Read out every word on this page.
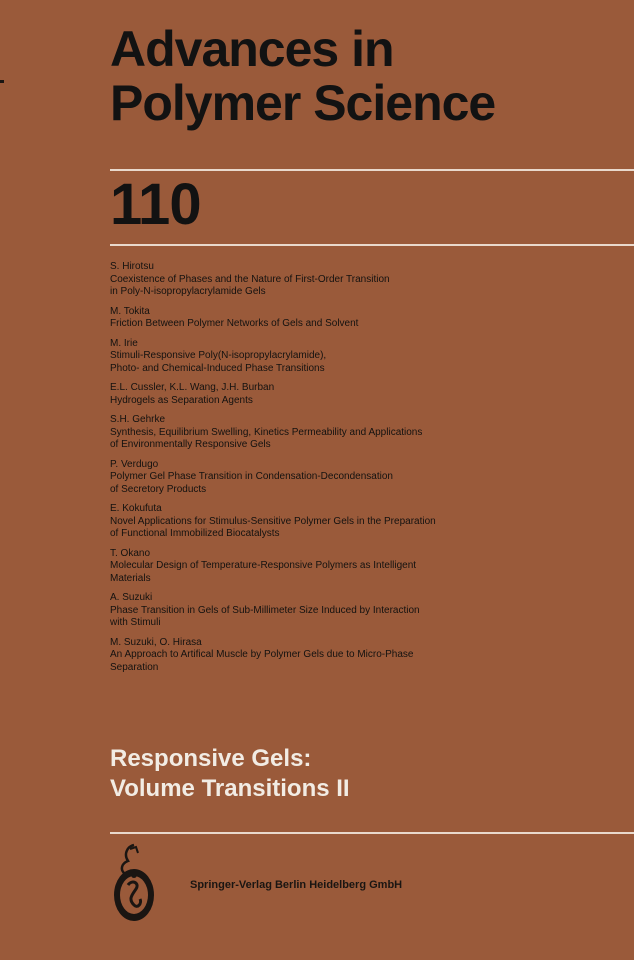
Advances in
Polymer Science
110
S. Hirotsu
Coexistence of Phases and the Nature of First-Order Transition
in Poly-N-isopropylacrylamide Gels
M. Tokita
Friction Between Polymer Networks of Gels and Solvent
M. Irie
Stimuli-Responsive Poly(N-isopropylacrylamide),
Photo- and Chemical-Induced Phase Transitions
E.L. Cussler, K.L. Wang, J.H. Burban
Hydrogels as Separation Agents
S.H. Gehrke
Synthesis, Equilibrium Swelling, Kinetics Permeability and Applications
of Environmentally Responsive Gels
P. Verdugo
Polymer Gel Phase Transition in Condensation-Decondensation
of Secretory Products
E. Kokufuta
Novel Applications for Stimulus-Sensitive Polymer Gels in the Preparation
of Functional Immobilized Biocatalysts
T. Okano
Molecular Design of Temperature-Responsive Polymers as Intelligent
Materials
A. Suzuki
Phase Transition in Gels of Sub-Millimeter Size Induced by Interaction
with Stimuli
M. Suzuki, O. Hirasa
An Approach to Artifical Muscle by Polymer Gels due to Micro-Phase
Separation
Responsive Gels:
Volume Transitions II
Springer-Verlag Berlin Heidelberg GmbH
